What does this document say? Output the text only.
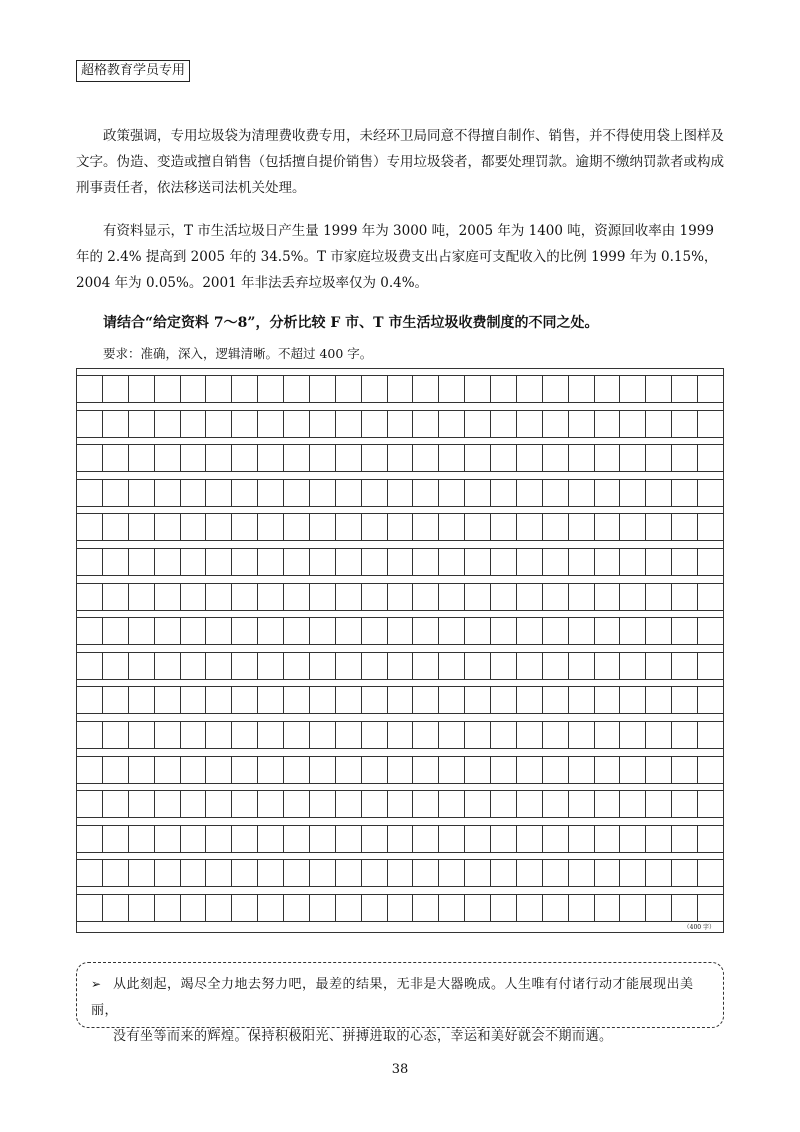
超格教育学员专用

政策强调，专用垃圾袋为清理费收费专用，未经环卫局同意不得擅自制作、销售，并不得使用袋上图样及文字。伪造、变造或擅自销售（包括擅自提价销售）专用垃圾袋者，都要处理罚款。逾期不缴纳罚款者或构成刑事责任者，依法移送司法机关处理。

有资料显示，T 市生活垃圾日产生量 1999 年为 3000 吨，2005 年为 1400 吨，资源回收率由 1999 年的 2.4% 提高到 2005 年的 34.5%。T 市家庭垃圾费支出占家庭可支配收入的比例 1999 年为 0.15%，2004 年为 0.05%。2001 年非法丢弃垃圾率仅为 0.4%。

请结合“给定资料 7～8”，分析比较 F 市、T 市生活垃圾收费制度的不同之处。
要求：准确，深入，逻辑清晰。不超过 400 字。
（400 字）
➢ 从此刻起，竭尽全力地去努力吧，最差的结果，无非是大器晚成。人生唯有付诸行动才能展现出美丽，
没有坐等而来的辉煌。保持积极阳光、拼搏进取的心态，幸运和美好就会不期而遇。
38
